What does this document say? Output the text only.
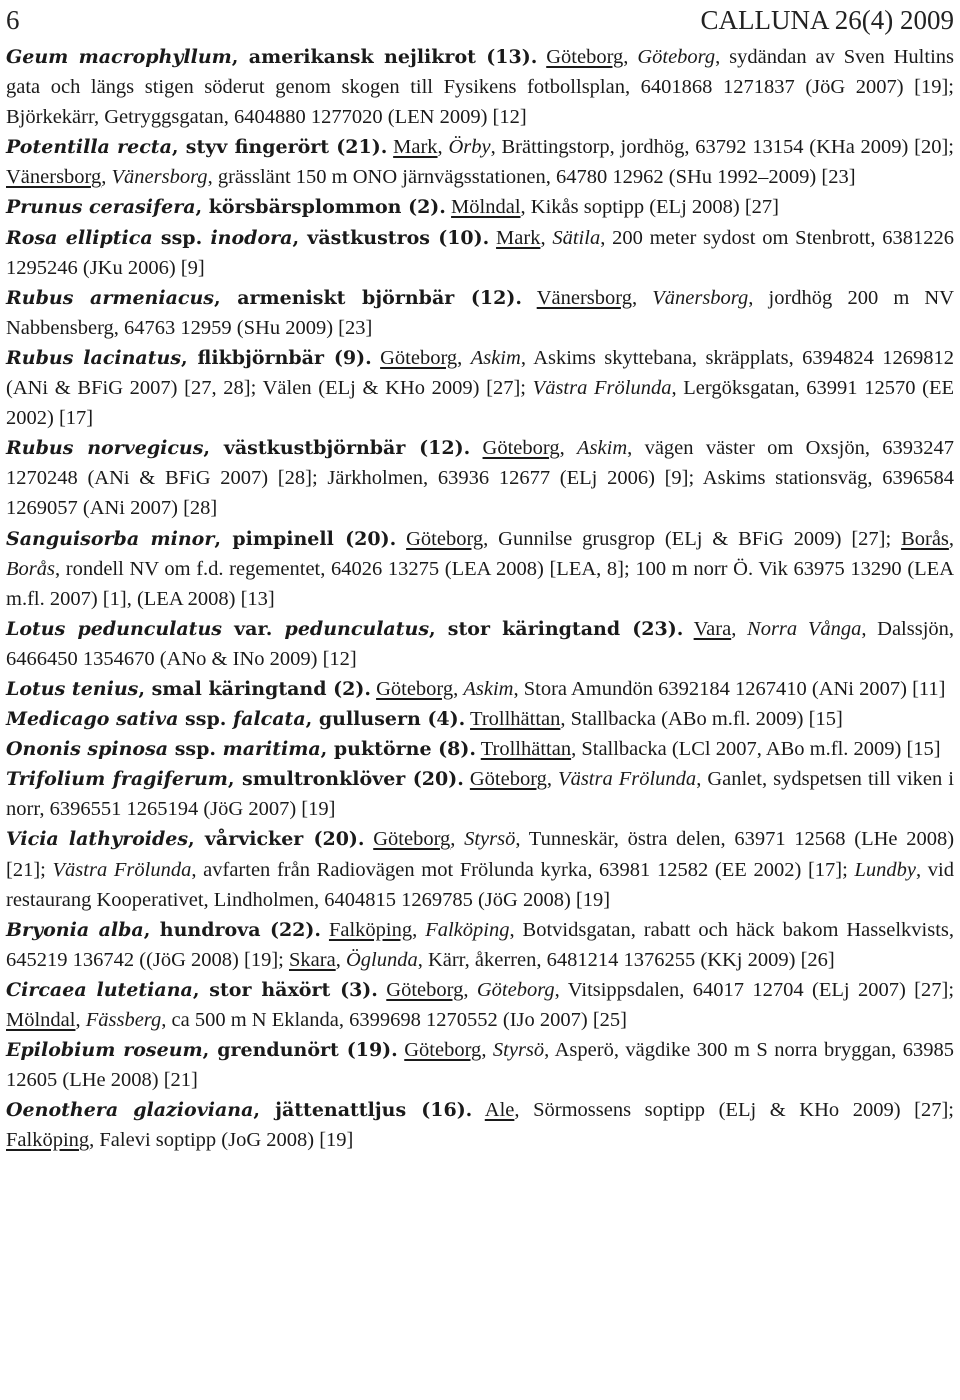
6	CALLUNA 26(4) 2009

Geum macrophyllum, amerikansk nejlikrot (13). Göteborg, Göteborg, sydändan av Sven Hultins gata och längs stigen söderut genom skogen till Fysikens fotbollsplan, 6401868 1271837 (JöG 2007) [19]; Björkekärr, Getryggsgatan, 6404880 1277020 (LEN 2009) [12]

Potentilla recta, styv fingerört (21). Mark, Örby, Brättingstorp, jordhög, 63792 13154 (KHa 2009) [20]; Vänersborg, Vänersborg, grässlänt 150 m ONO järnvägsstationen, 64780 12962 (SHu 1992–2009) [23]

Prunus cerasifera, körsbärsplommon (2). Mölndal, Kikås soptipp (ELj 2008) [27]

Rosa elliptica ssp. inodora, västkustros (10). Mark, Sätila, 200 meter sydost om Stenbrott, 6381226 1295246 (JKu 2006) [9]

Rubus armeniacus, armeniskt björnbär (12). Vänersborg, Vänersborg, jordhög 200 m NV Nabbensberg, 64763 12959 (SHu 2009) [23]

Rubus lacinatus, flikbjörnbär (9). Göteborg, Askim, Askims skyttebana, skräpplats, 6394824 1269812 (ANi & BFiG 2007) [27, 28]; Välen (ELj & KHo 2009) [27]; Västra Frölunda, Lergöksgatan, 63991 12570 (EE 2002) [17]

Rubus norvegicus, västkustbjörnbär (12). Göteborg, Askim, vägen väster om Oxsjön, 6393247 1270248 (ANi & BFiG 2007) [28]; Järkholmen, 63936 12677 (ELj 2006) [9]; Askims stationsväg, 6396584 1269057 (ANi 2007) [28]

Sanguisorba minor, pimpinell (20). Göteborg, Gunnilse grusgrop (ELj & BFiG 2009) [27]; Borås, Borås, rondell NV om f.d. regementet, 64026 13275 (LEA 2008) [LEA, 8]; 100 m norr Ö. Vik 63975 13290 (LEA m.fl. 2007) [1], (LEA 2008) [13]

Lotus pedunculatus var. pedunculatus, stor käringtand (23). Vara, Norra Vånga, Dalssjön, 6466450 1354670 (ANo & INo 2009) [12]

Lotus tenius, smal käringtand (2). Göteborg, Askim, Stora Amundön 6392184 1267410 (ANi 2007) [11]

Medicago sativa ssp. falcata, gullusern (4). Trollhättan, Stallbacka (ABo m.fl. 2009) [15]

Ononis spinosa ssp. maritima, puktörne (8). Trollhättan, Stallbacka (LCl 2007, ABo m.fl. 2009) [15]

Trifolium fragiferum, smultronklöver (20). Göteborg, Västra Frölunda, Ganlet, sydspetsen till viken i norr, 6396551 1265194 (JöG 2007) [19]

Vicia lathyroides, vårvicker (20). Göteborg, Styrsö, Tunneskär, östra delen, 63971 12568 (LHe 2008) [21]; Västra Frölunda, avfarten från Radiovägen mot Frölunda kyrka, 63981 12582 (EE 2002) [17]; Lundby, vid restaurang Kooperativet, Lindholmen, 6404815 1269785 (JöG 2008) [19]

Bryonia alba, hundrova (22). Falköping, Falköping, Botvidsgatan, rabatt och häck bakom Hasselkvists, 645219 136742 ((JöG 2008) [19]; Skara, Öglunda, Kärr, åkerren, 6481214 1376255 (KKj 2009) [26]

Circaea lutetiana, stor häxört (3). Göteborg, Göteborg, Vitsippsdalen, 64017 12704 (ELj 2007) [27]; Mölndal, Fässberg, ca 500 m N Eklanda, 6399698 1270552 (IJo 2007) [25]

Epilobium roseum, grendunört (19). Göteborg, Styrsö, Asperö, vägdike 300 m S norra bryggan, 63985 12605 (LHe 2008) [21]

Oenothera glazioviana, jättenattljus (16). Ale, Sörmossens soptipp (ELj & KHo 2009) [27]; Falköping, Falevi soptipp (JoG 2008) [19]
